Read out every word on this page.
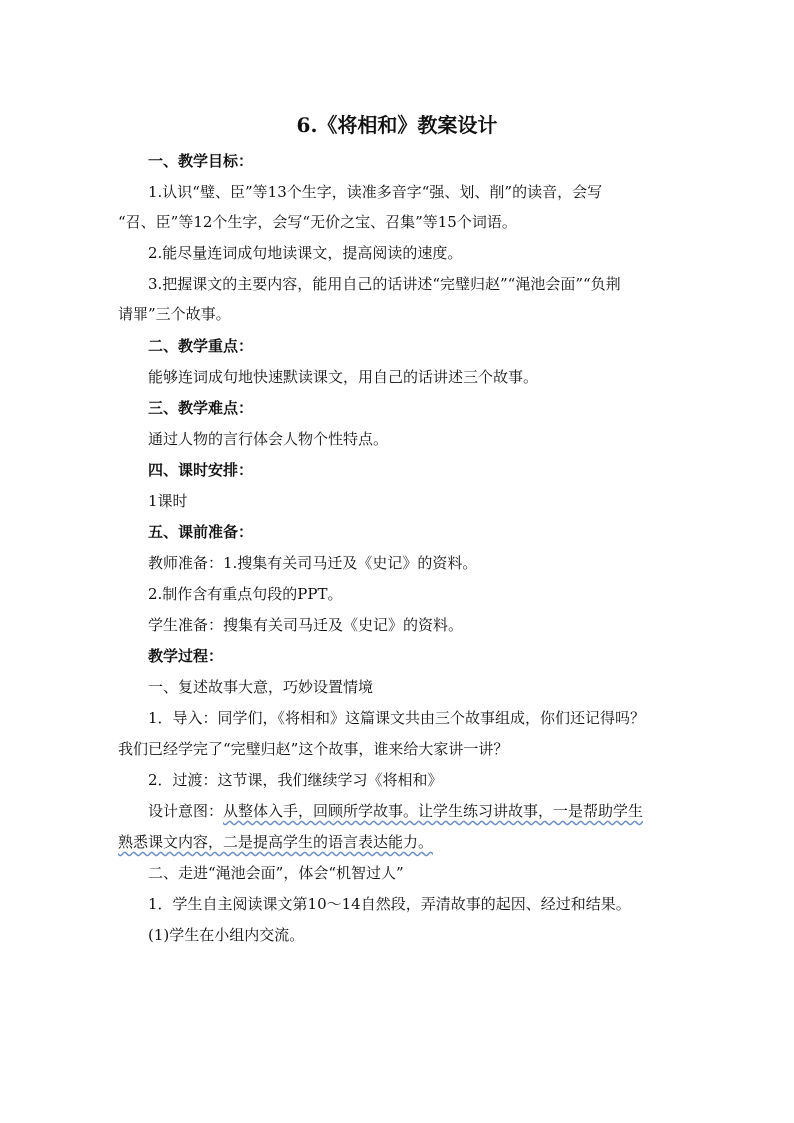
6.《将相和》教案设计
一、教学目标：
1.认识“璧、臣”等13个生字，读准多音字“强、划、削”的读音，会写
“召、臣”等12个生字，会写“无价之宝、召集”等15个词语。
2.能尽量连词成句地读课文，提高阅读的速度。
3.把握课文的主要内容，能用自己的话讲述“完璧归赵”“渑池会面”“负荆
请罪”三个故事。
二、教学重点：
能够连词成句地快速默读课文，用自己的话讲述三个故事。
三、教学难点：
通过人物的言行体会人物个性特点。
四、课时安排：
1课时
五、课前准备：
教师准备：1.搜集有关司马迁及《史记》的资料。
2.制作含有重点句段的PPT。
学生准备：搜集有关司马迁及《史记》的资料。
教学过程：
一、复述故事大意，巧妙设置情境
1．导入：同学们，《将相和》这篇课文共由三个故事组成，你们还记得吗？
我们已经学完了“完璧归赵”这个故事，谁来给大家讲一讲？
2．过渡：这节课，我们继续学习《将相和》
设计意图：从整体入手，回顾所学故事。让学生练习讲故事，一是帮助学生
熟悉课文内容，二是提高学生的语言表达能力。
二、走进“渑池会面”，体会“机智过人”
1．学生自主阅读课文第10～14自然段，弄清故事的起因、经过和结果。
(1)学生在小组内交流。
